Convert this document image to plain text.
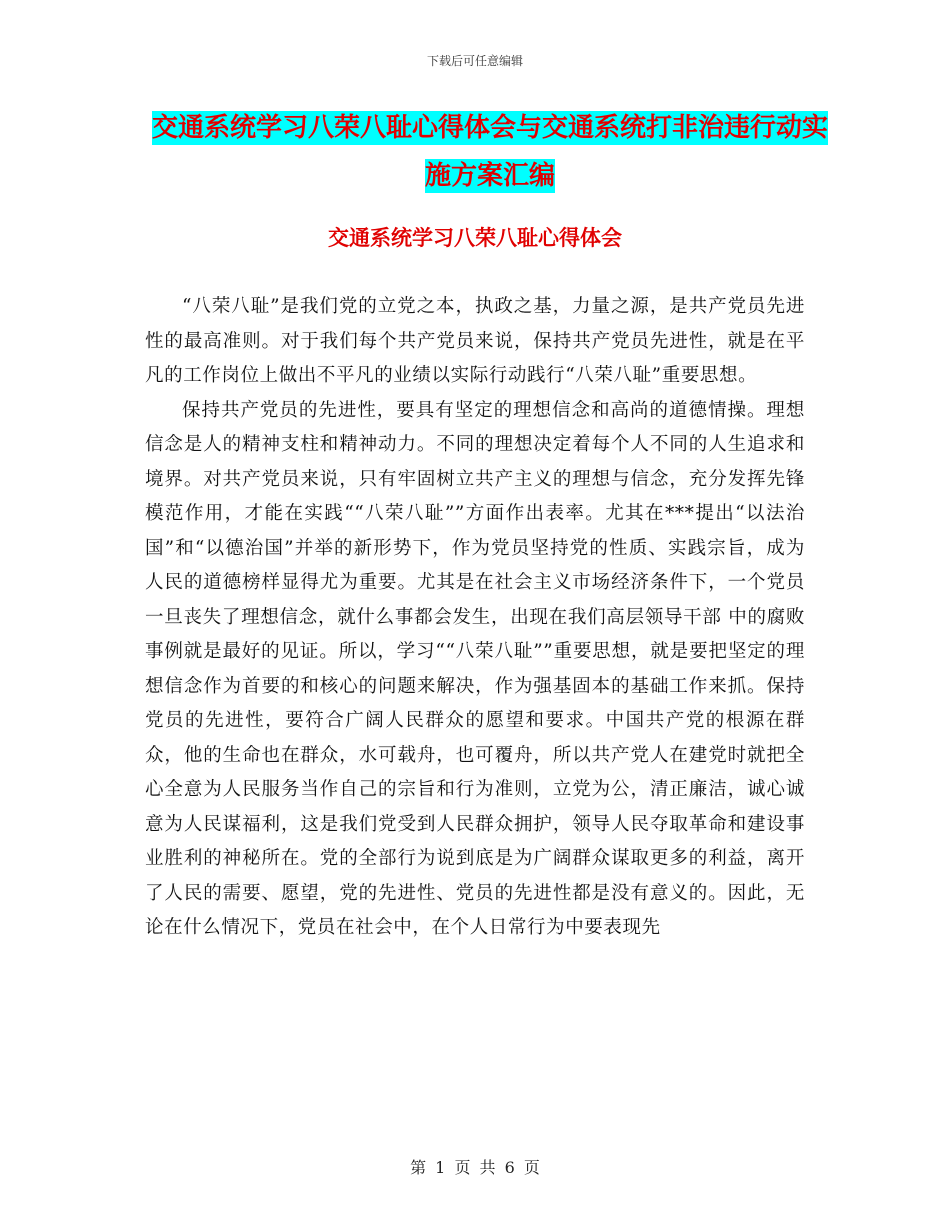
下载后可任意编辑
交通系统学习八荣八耻心得体会与交通系统打非治违行动实施方案汇编
交通系统学习八荣八耻心得体会

“八荣八耻”是我们党的立党之本，执政之基，力量之源，是共产党员先进性的最高准则。对于我们每个共产党员来说，保持共产党员先进性，就是在平凡的工作岗位上做出不平凡的业绩以实际行动践行“八荣八耻”重要思想。

保持共产党员的先进性，要具有坚定的理想信念和高尚的道德情操。理想信念是人的精神支柱和精神动力。不同的理想决定着每个人不同的人生追求和境界。对共产党员来说，只有牢固树立共产主义的理想与信念，充分发挥先锋模范作用，才能在实践““八荣八耻””方面作出表率。尤其在***提出“以法治国”和“以德治国”并举的新形势下，作为党员坚持党的性质、实践宗旨，成为人民的道德榜样显得尤为重要。尤其是在社会主义市场经济条件下，一个党员一旦丧失了理想信念，就什么事都会发生，出现在我们高层领导干部 中的腐败事例就是最好的见证。所以，学习““八荣八耻””重要思想，就是要把坚定的理想信念作为首要的和核心的问题来解决，作为强基固本的基础工作来抓。保持党员的先进性，要符合广阔人民群众的愿望和要求。中国共产党的根源在群众，他的生命也在群众，水可载舟，也可覆舟，所以共产党人在建党时就把全心全意为人民服务当作自己的宗旨和行为准则，立党为公，清正廉洁，诚心诚意为人民谋福利，这是我们党受到人民群众拥护，领导人民夺取革命和建设事业胜利的神秘所在。党的全部行为说到底是为广阔群众谋取更多的利益，离开了人民的需要、愿望，党的先进性、党员的先进性都是没有意义的。因此，无论在什么情况下，党员在社会中，在个人日常行为中要表现先

第 1 页 共 6 页
